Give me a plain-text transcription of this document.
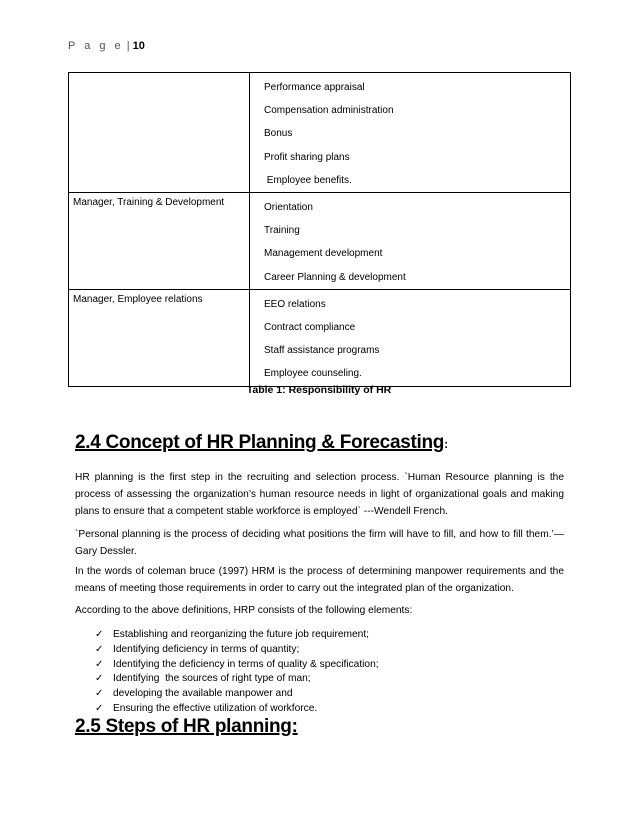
P a g e | 10

	Performance appraisal
Compensation administration
Bonus
Profit sharing plans
Employee benefits.

Manager, Training & Development	Orientation
Training
Management development
Career Planning & development

Manager, Employee relations	EEO relations
Contract compliance
Staff assistance programs
Employee counseling.
Table 1: Responsibility of HR
2.4 Concept of HR Planning & Forecasting:

HR planning is the first step in the recruiting and selection process. `Human Resource planning is the process of assessing the organization’s human resource needs in light of organizational goals and making plans to ensure that a competent stable workforce is employed` ---Wendell French.

`Personal planning is the process of deciding what positions the firm will have to fill, and how to fill them.’—Gary Dessler.

In the words of coleman bruce (1997) HRM is the process of determining manpower requirements and the means of meeting those requirements in order to carry out the integrated plan of the organization.

According to the above definitions, HRP consists of the following elements:

✓ Establishing and reorganizing the future job requirement;
✓ Identifying deficiency in terms of quantity;
✓ Identifying the deficiency in terms of quality & specification;
✓ Identifying  the sources of right type of man;
✓ developing the available manpower and
✓ Ensuring the effective utilization of workforce.
2.5 Steps of HR planning:
